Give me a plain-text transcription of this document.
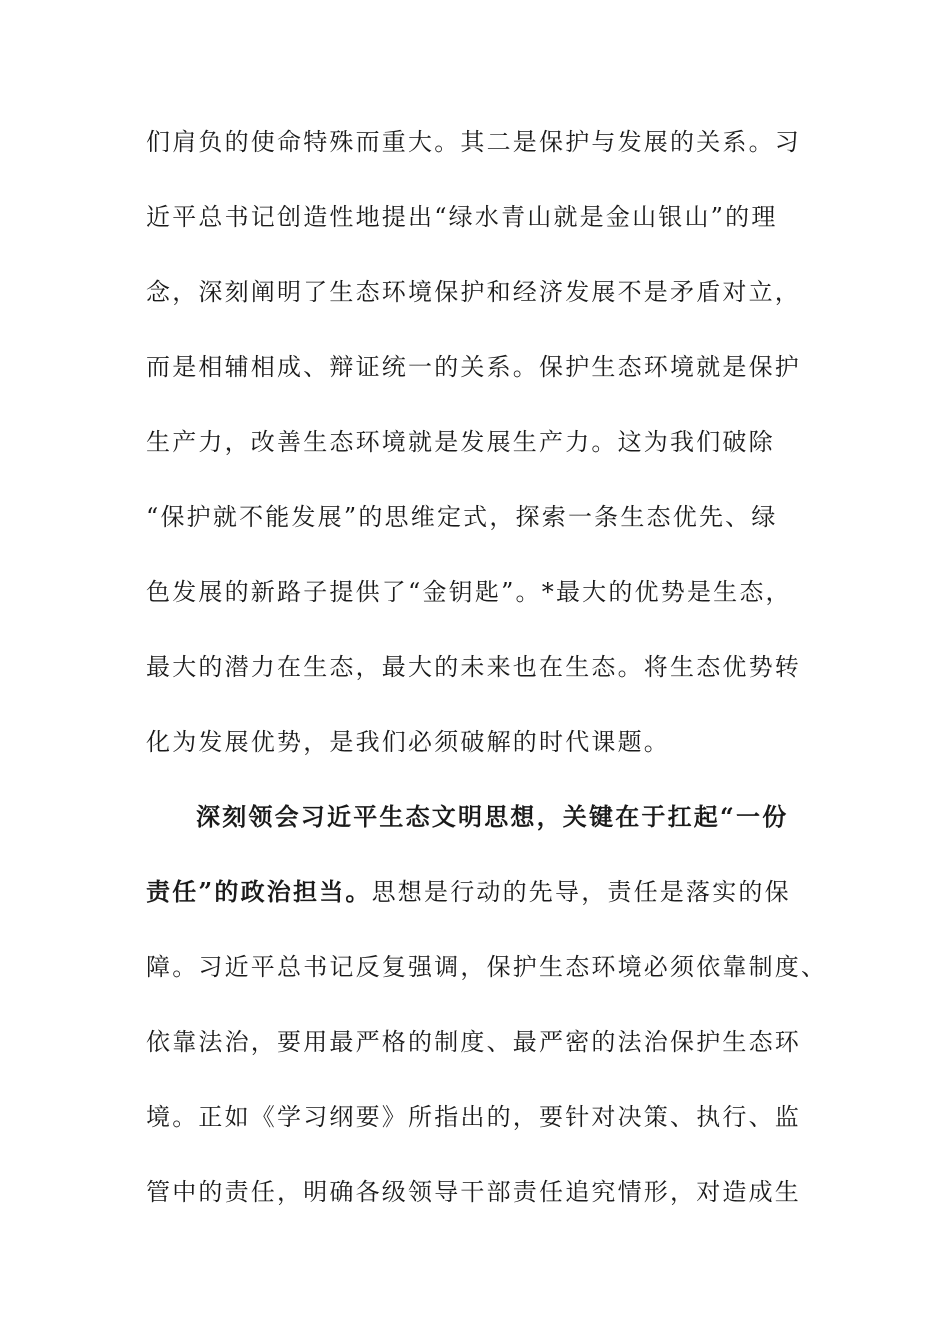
们肩负的使命特殊而重大。其二是保护与发展的关系。习
近平总书记创造性地提出“绿水青山就是金山银山”的理
念，深刻阐明了生态环境保护和经济发展不是矛盾对立，
而是相辅相成、辩证统一的关系。保护生态环境就是保护
生产力，改善生态环境就是发展生产力。这为我们破除
“保护就不能发展”的思维定式，探索一条生态优先、绿
色发展的新路子提供了“金钥匙”。*最大的优势是生态，
最大的潜力在生态，最大的未来也在生态。将生态优势转
化为发展优势，是我们必须破解的时代课题。
深刻领会习近平生态文明思想，关键在于扛起“一份
责任”的政治担当。思想是行动的先导，责任是落实的保
障。习近平总书记反复强调，保护生态环境必须依靠制度、
依靠法治，要用最严格的制度、最严密的法治保护生态环
境。正如《学习纲要》所指出的，要针对决策、执行、监
管中的责任，明确各级领导干部责任追究情形，对造成生
